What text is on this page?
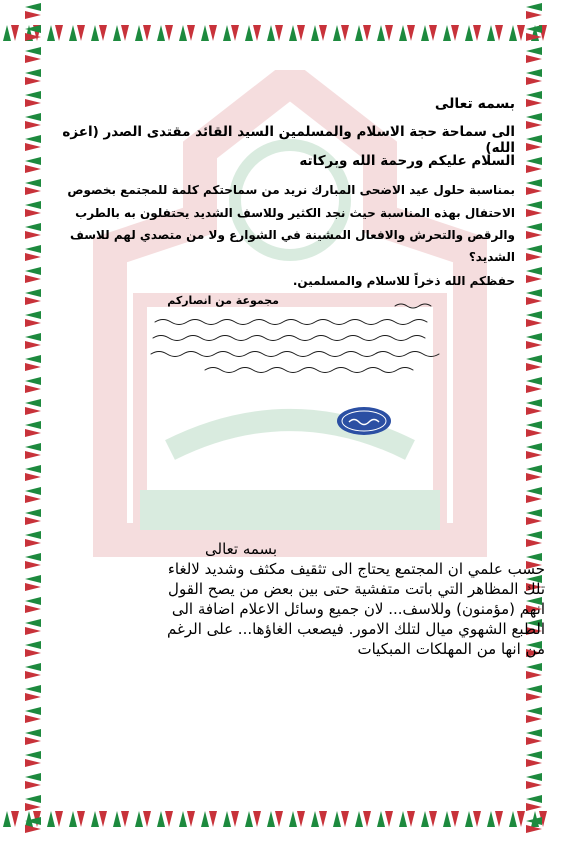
بسمه تعالى
الى سماحة حجة الاسلام والمسلمين السيد القائد مقتدى الصدر (اعزه الله)
السلام عليكم ورحمة الله وبركاته
بمناسبة حلول عيد الاضحى المبارك نريد من سماحتكم كلمة للمجتمع بخصوص
الاحتفال بهذه المناسبة حيث نجد الكثير وللاسف الشديد يحتفلون به بالطرب
والرقص والتحرش والافعال المشينة في الشوارع ولا من متصدي لهم للاسف
الشديد؟
حفظكم الله ذخراً للاسلام والمسلمين.
مجموعة من انصاركم
بسمه تعالى
حسب علمي ان المجتمع يحتاج الى تثقيف مكثف وشديد لالغاء
تلك المظاهر التي باتت متفشية حتى بين بعض من يصح القول
انهم (مؤمنون) وللاسف... لان جميع وسائل الاعلام اضافة الى
الطبع الشهوي ميال لتلك الامور. فيصعب الغاؤها... على الرغم
من انها من المهلكات المبكيات
